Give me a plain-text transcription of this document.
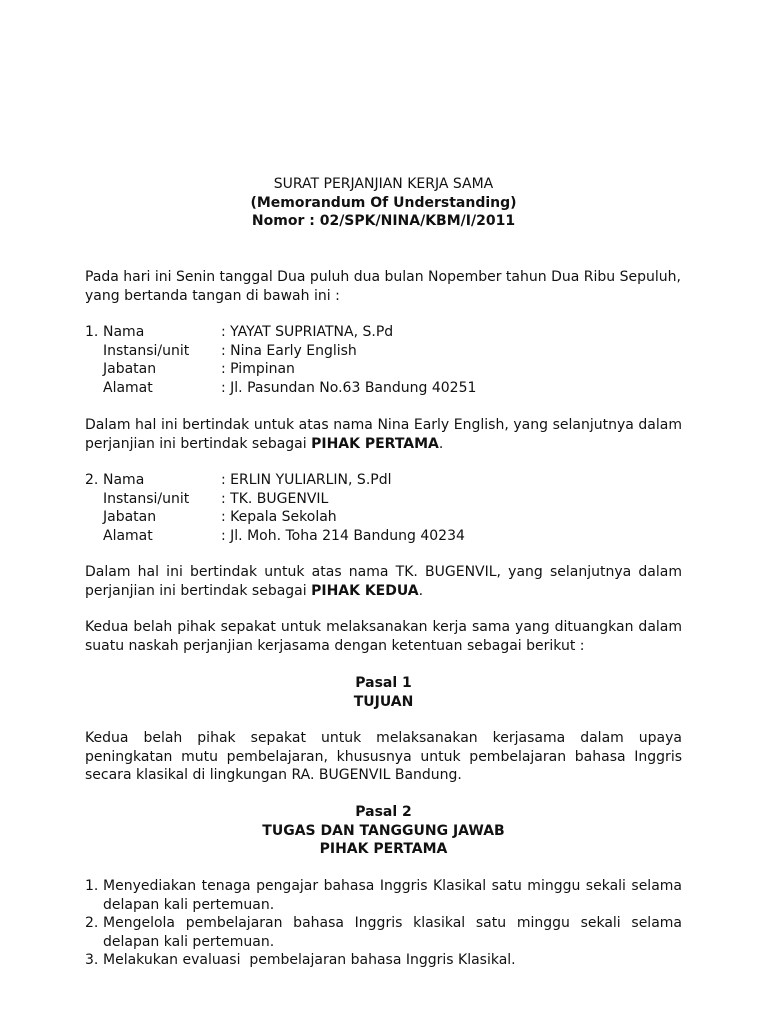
SURAT PERJANJIAN KERJA SAMA
(Memorandum Of Understanding)
Nomor : 02/SPK/NINA/KBM/I/2011
Pada hari ini Senin tanggal Dua puluh dua bulan Nopember tahun Dua Ribu Sepuluh,
yang bertanda tangan di bawah ini :
1. Nama	: YAYAT SUPRIATNA, S.Pd
Instansi/unit : Nina Early English
Jabatan	: Pimpinan
Alamat	: Jl. Pasundan No.63 Bandung 40251
Dalam hal ini bertindak untuk atas nama Nina Early English, yang selanjutnya dalam
perjanjian ini bertindak sebagai PIHAK PERTAMA.
2. Nama	: ERLIN YULIARLIN, S.Pdl
Instansi/unit : TK. BUGENVIL
Jabatan	: Kepala Sekolah
Alamat	: Jl. Moh. Toha 214 Bandung 40234
Dalam hal ini bertindak untuk atas nama TK. BUGENVIL, yang selanjutnya dalam
perjanjian ini bertindak sebagai PIHAK KEDUA.
Kedua belah pihak sepakat untuk melaksanakan kerja sama yang dituangkan dalam
suatu naskah perjanjian kerjasama dengan ketentuan sebagai berikut :
Pasal 1
TUJUAN
Kedua belah pihak sepakat untuk melaksanakan kerjasama dalam upaya
peningkatan mutu pembelajaran, khususnya untuk pembelajaran bahasa Inggris
secara klasikal di lingkungan RA. BUGENVIL Bandung.
Pasal 2
TUGAS DAN TANGGUNG JAWAB
PIHAK PERTAMA
1. Menyediakan tenaga pengajar bahasa Inggris Klasikal satu minggu sekali selama
delapan kali pertemuan.
2. Mengelola pembelajaran bahasa Inggris klasikal satu minggu sekali selama
delapan kali pertemuan.
3. Melakukan evaluasi  pembelajaran bahasa Inggris Klasikal.
